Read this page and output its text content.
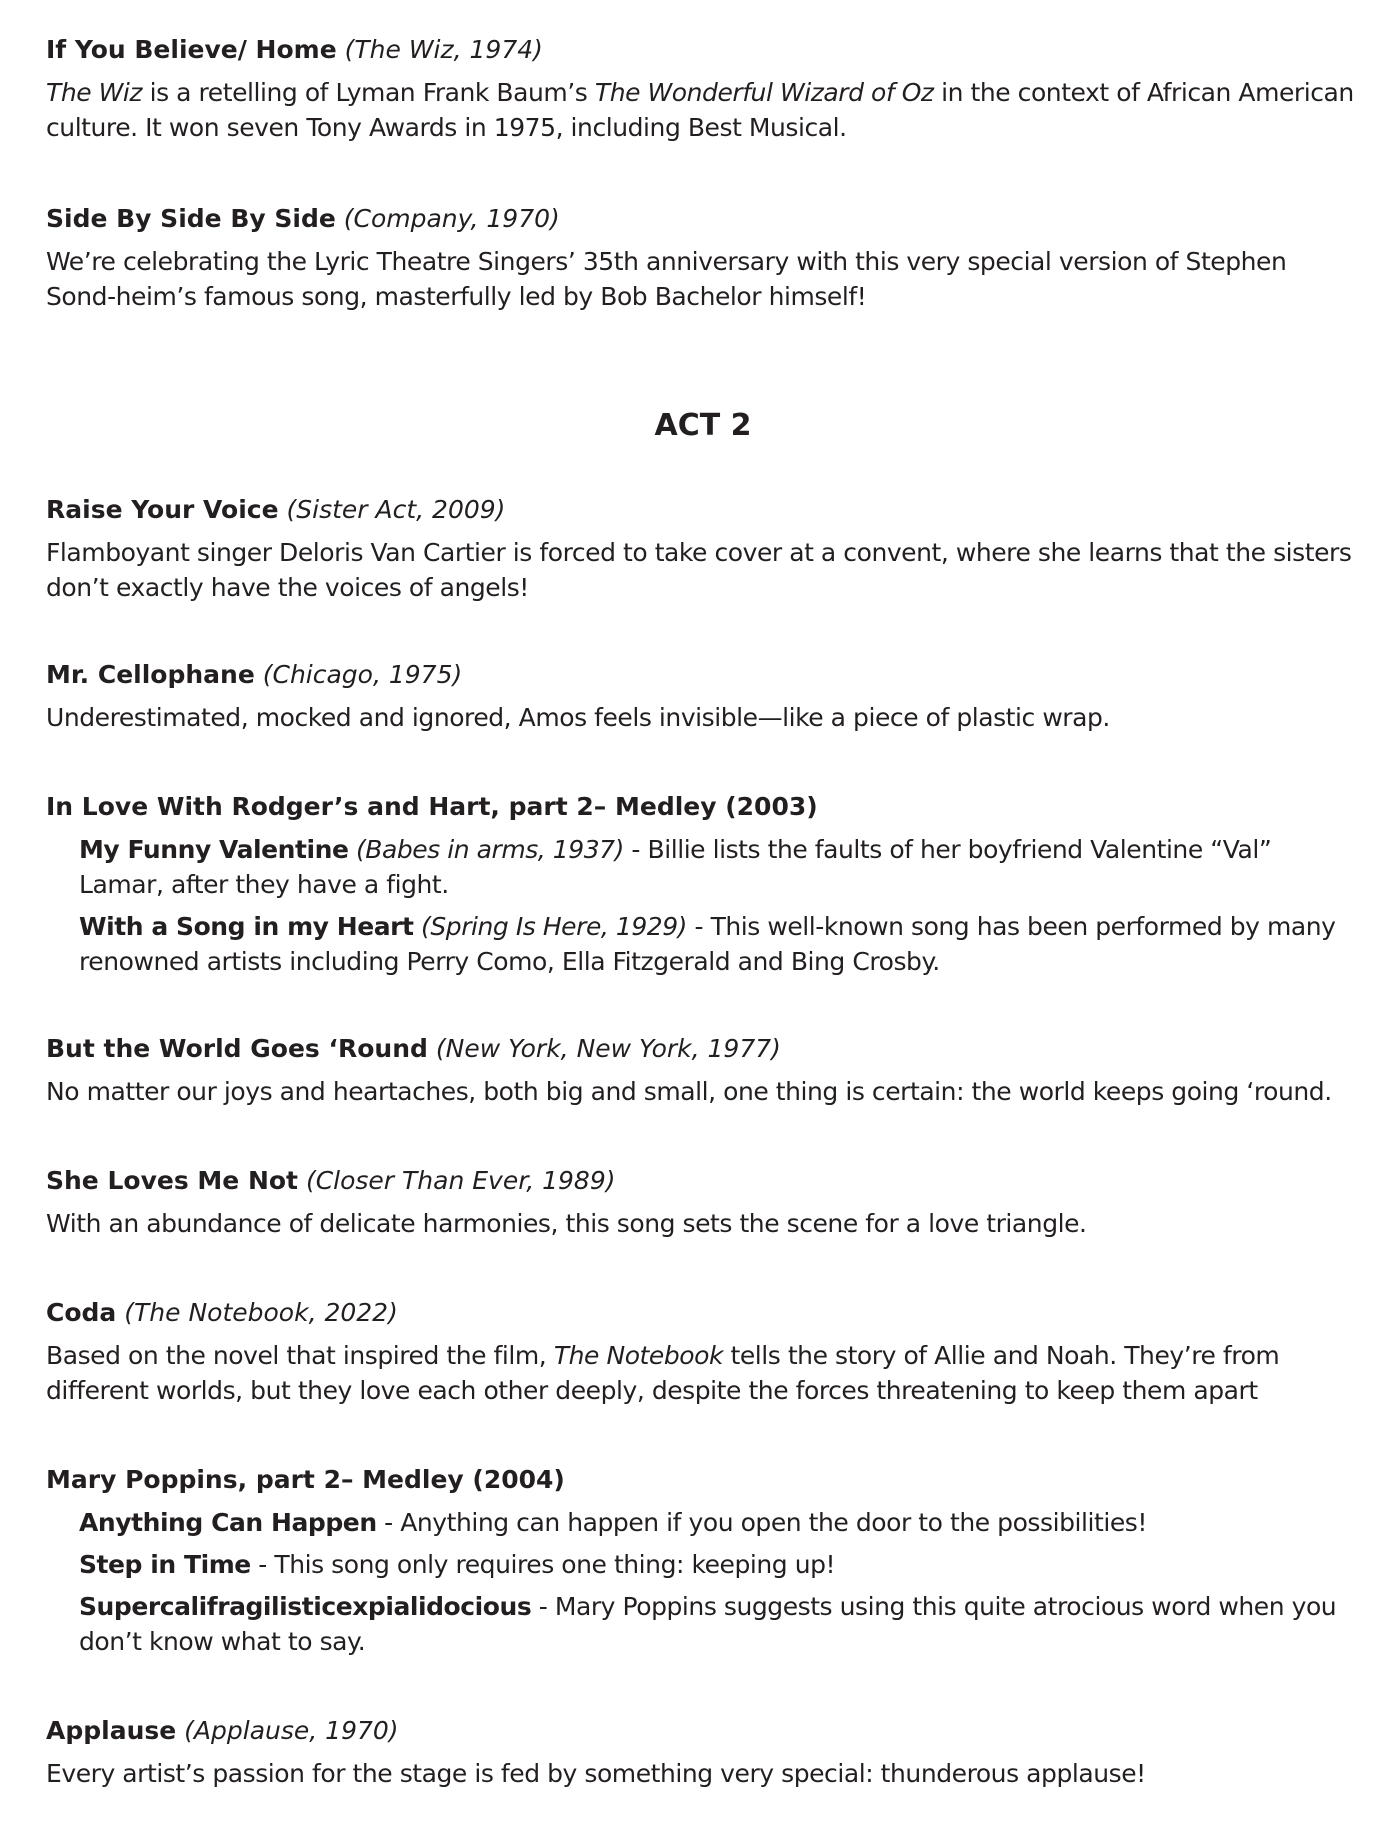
If You Believe/ Home (The Wiz, 1974)

The Wiz is a retelling of Lyman Frank Baum’s The Wonderful Wizard of Oz in the context of African American culture. It won seven Tony Awards in 1975, including Best Musical.

Side By Side By Side (Company, 1970)

We’re celebrating the Lyric Theatre Singers’ 35th anniversary with this very special version of Stephen Sond-heim’s famous song, masterfully led by Bob Bachelor himself!

ACT 2

Raise Your Voice (Sister Act, 2009)

Flamboyant singer Deloris Van Cartier is forced to take cover at a convent, where she learns that the sisters don’t exactly have the voices of angels!

Mr. Cellophane (Chicago, 1975)

Underestimated, mocked and ignored, Amos feels invisible—like a piece of plastic wrap.

In Love With Rodger’s and Hart, part 2– Medley (2003)

My Funny Valentine (Babes in arms, 1937) - Billie lists the faults of her boyfriend Valentine “Val” Lamar, after they have a fight.

With a Song in my Heart (Spring Is Here, 1929) - This well-known song has been performed by many renowned artists including Perry Como, Ella Fitzgerald and Bing Crosby.

But the World Goes ‘Round (New York, New York, 1977)

No matter our joys and heartaches, both big and small, one thing is certain: the world keeps going ‘round.

She Loves Me Not (Closer Than Ever, 1989)

With an abundance of delicate harmonies, this song sets the scene for a love triangle.

Coda (The Notebook, 2022)

Based on the novel that inspired the film, The Notebook tells the story of Allie and Noah. They’re from different worlds, but they love each other deeply, despite the forces threatening to keep them apart

Mary Poppins, part 2– Medley (2004)

Anything Can Happen - Anything can happen if you open the door to the possibilities!

Step in Time - This song only requires one thing: keeping up!

Supercalifragilisticexpialidocious - Mary Poppins suggests using this quite atrocious word when you don’t know what to say.

Applause (Applause, 1970)

Every artist’s passion for the stage is fed by something very special: thunderous applause!
